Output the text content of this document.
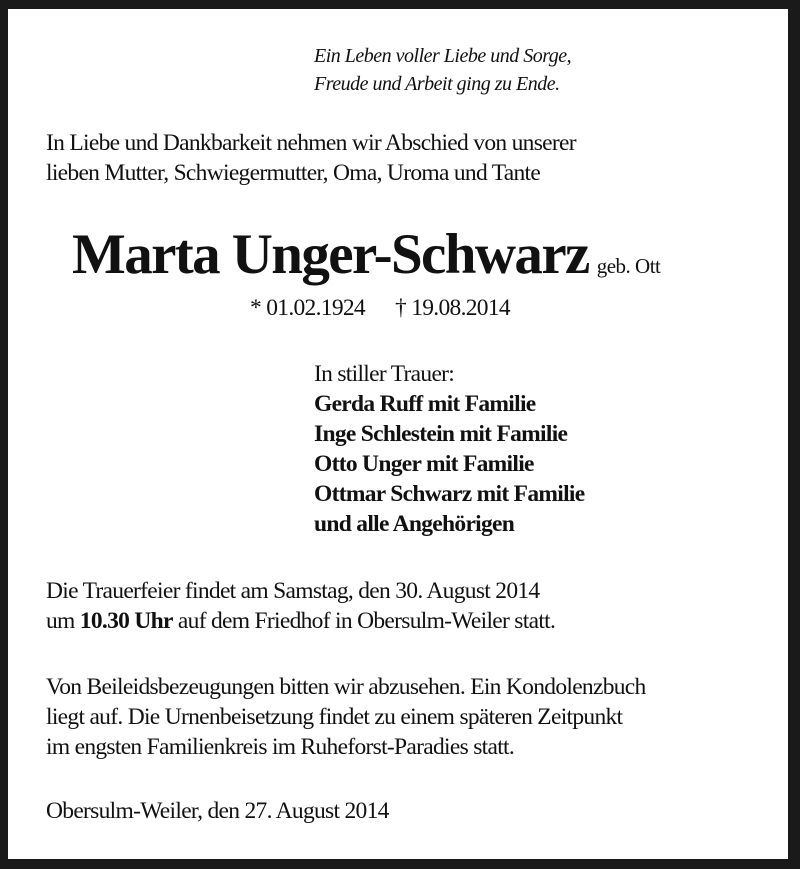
Ein Leben voller Liebe und Sorge,
Freude und Arbeit ging zu Ende.
In Liebe und Dankbarkeit nehmen wir Abschied von unserer
lieben Mutter, Schwiegermutter, Oma, Uroma und Tante
Marta Unger-Schwarz geb. Ott
* 01.02.1924 † 19.08.2014
In stiller Trauer:
Gerda Ruff mit Familie
Inge Schlestein mit Familie
Otto Unger mit Familie
Ottmar Schwarz mit Familie
und alle Angehörigen
Die Trauerfeier findet am Samstag, den 30. August 2014
um 10.30 Uhr auf dem Friedhof in Obersulm-Weiler statt.
Von Beileidsbezeugungen bitten wir abzusehen. Ein Kondolenzbuch
liegt auf. Die Urnenbeisetzung findet zu einem späteren Zeitpunkt
im engsten Familienkreis im Ruheforst-Paradies statt.
Obersulm-Weiler, den 27. August 2014
